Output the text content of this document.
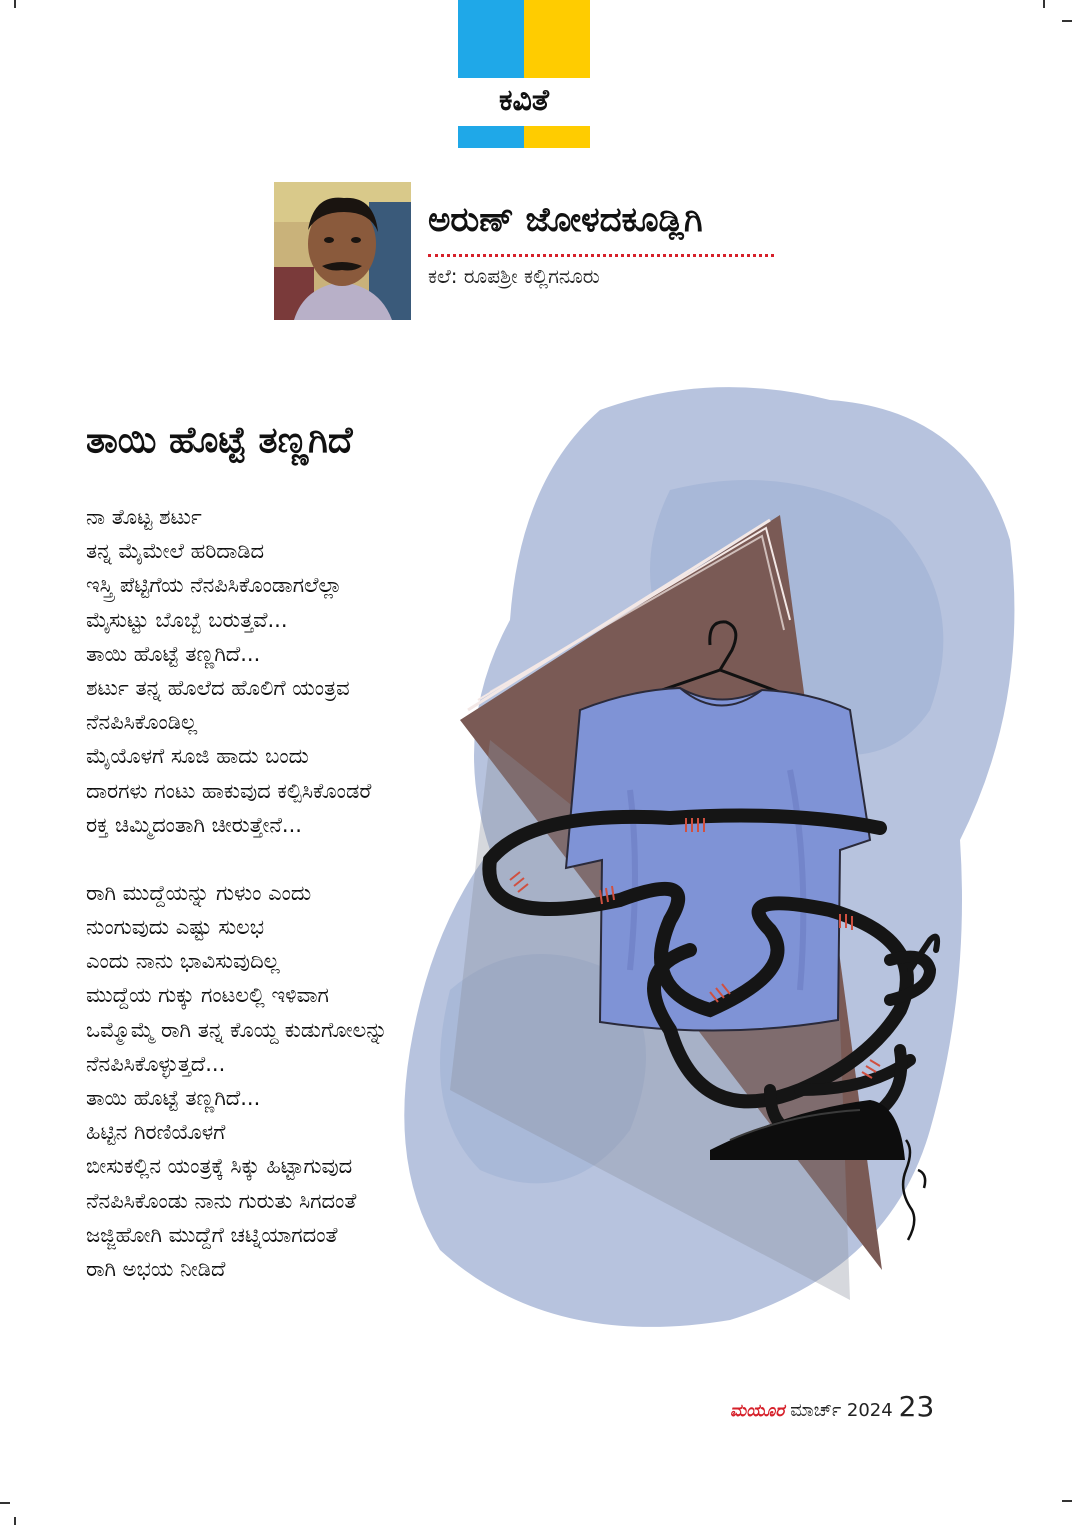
ಕವಿತೆ
ಅರುಣ್ ಜೋಳದಕೂಡ್ಲಿಗಿ
ಕಲೆ: ರೂಪಶ್ರೀ ಕಲ್ಲಿಗನೂರು
ತಾಯಿ ಹೊಟ್ಟೆ ತಣ್ಣಗಿದೆ
ನಾ ತೊಟ್ಟ ಶರ್ಟು
ತನ್ನ ಮೈಮೇಲೆ ಹರಿದಾಡಿದ
ಇಸ್ತ್ರಿ ಪೆಟ್ಟಿಗೆಯ ನೆನಪಿಸಿಕೊಂಡಾಗಲೆಲ್ಲಾ
ಮೈಸುಟ್ಟು ಬೊಬ್ಬೆ ಬರುತ್ತವೆ...
ತಾಯಿ ಹೊಟ್ಟೆ ತಣ್ಣಗಿದೆ...
ಶರ್ಟು ತನ್ನ ಹೊಲೆದ ಹೊಲಿಗೆ ಯಂತ್ರವ
ನೆನಪಿಸಿಕೊಂಡಿಲ್ಲ
ಮೈಯೊಳಗೆ ಸೂಜಿ ಹಾದು ಬಂದು
ದಾರಗಳು ಗಂಟು ಹಾಕುವುದ ಕಲ್ಪಿಸಿಕೊಂಡರೆ
ರಕ್ತ ಚಿಮ್ಮಿದಂತಾಗಿ ಚೀರುತ್ತೇನೆ...
ರಾಗಿ ಮುದ್ದೆಯನ್ನು ಗುಳುಂ ಎಂದು
ನುಂಗುವುದು ಎಷ್ಟು ಸುಲಭ
ಎಂದು ನಾನು ಭಾವಿಸುವುದಿಲ್ಲ
ಮುದ್ದೆಯ ಗುಕ್ಕು ಗಂಟಲಲ್ಲಿ ಇಳಿವಾಗ
ಒಮ್ಮೊಮ್ಮೆ ರಾಗಿ ತನ್ನ ಕೊಯ್ದ ಕುಡುಗೋಲನ್ನು
ನೆನಪಿಸಿಕೊಳ್ಳುತ್ತದೆ...
ತಾಯಿ ಹೊಟ್ಟೆ ತಣ್ಣಗಿದೆ...
ಹಿಟ್ಟಿನ ಗಿರಣಿಯೊಳಗೆ
ಬೀಸುಕಲ್ಲಿನ ಯಂತ್ರಕ್ಕೆ ಸಿಕ್ಕು ಹಿಟ್ಟಾಗುವುದ
ನೆನಪಿಸಿಕೊಂಡು ನಾನು ಗುರುತು ಸಿಗದಂತೆ
ಜಜ್ಜಿಹೋಗಿ ಮುದ್ದೆಗೆ ಚಟ್ನಿಯಾಗದಂತೆ
ರಾಗಿ ಅಭಯ ನೀಡಿದೆ
ಮಯೂರ ಮಾರ್ಚ್ 2024 23
